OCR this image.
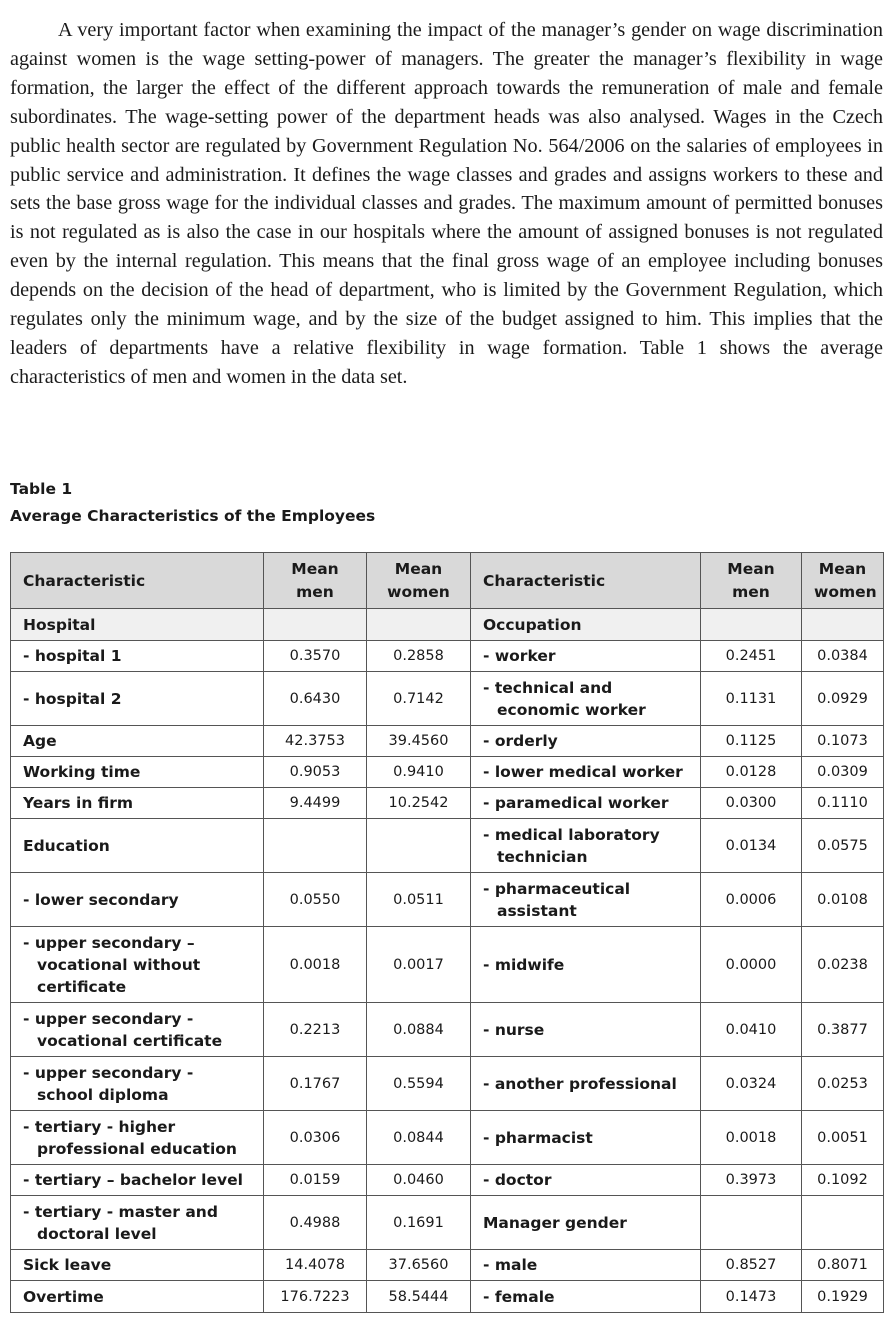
A very important factor when examining the impact of the manager’s gender on wage discrimination against women is the wage setting-power of managers. The greater the manager’s flexibility in wage formation, the larger the effect of the different approach towards the remuneration of male and female subordinates. The wage-setting power of the department heads was also analysed. Wages in the Czech public health sector are regulated by Government Regulation No. 564/2006 on the salaries of employees in public service and administration. It defines the wage classes and grades and assigns workers to these and sets the base gross wage for the individual classes and grades. The maximum amount of permitted bonuses is not regulated as is also the case in our hospitals where the amount of assigned bonuses is not regulated even by the internal regulation. This means that the final gross wage of an employee including bonuses depends on the decision of the head of department, who is limited by the Government Regulation, which regulates only the minimum wage, and by the size of the budget assigned to him. This implies that the leaders of departments have a relative flexibility in wage formation. Table 1 shows the average characteristics of men and women in the data set.

Table 1

Average Characteristics of the Employees

Characteristic	Mean men	Mean women	Characteristic	Mean men	Mean women
Hospital			Occupation		

- hospital 1	0.3570	0.2858	- worker	0.2451	0.0384

- hospital 2	0.6430	0.7142	- technical and economic worker	0.1131	0.0929
Age	42.3753	39.4560	- orderly	0.1125	0.1073
Working time	0.9053	0.9410	- lower medical worker	0.0128	0.0309
Years in firm	9.4499	10.2542	- paramedical worker	0.0300	0.1110
Education			- medical laboratory technician	0.0134	0.0575

- lower secondary	0.0550	0.0511	- pharmaceutical assistant	0.0006	0.0108

- upper secondary – vocational without certificate	0.0018	0.0017	- midwife	0.0000	0.0238

- upper secondary - vocational certificate	0.2213	0.0884	- nurse	0.0410	0.3877

- upper secondary - school diploma	0.1767	0.5594	- another professional	0.0324	0.0253

- tertiary - higher professional education	0.0306	0.0844	- pharmacist	0.0018	0.0051

- tertiary – bachelor level	0.0159	0.0460	- doctor	0.3973	0.1092

- tertiary - master and doctoral level	0.4988	0.1691	Manager gender		
Sick leave	14.4078	37.6560	- male	0.8527	0.8071
Overtime	176.7223	58.5444	- female	0.1473	0.1929
